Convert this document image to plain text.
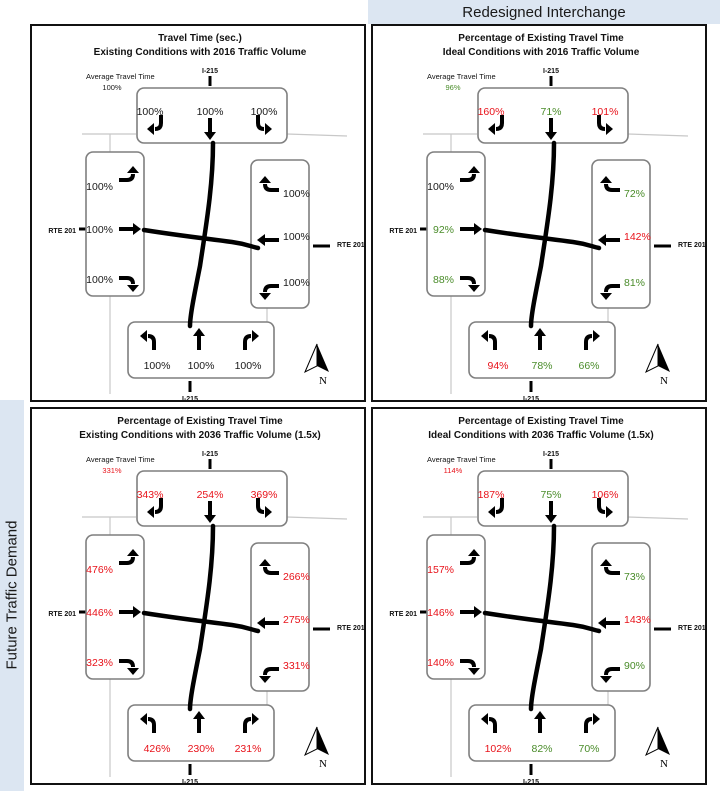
Redesigned Interchange
Future Traffic Demand
Travel Time (sec.)
Existing Conditions with 2016 Traffic Volume
Average Travel Time
100%
I-215
I-215
RTE 201
RTE 201
100%	100%	100%
100%
100%
100%
100%
100%
100%
100% 100% 100%
N
Percentage of Existing Travel Time
Ideal Conditions with 2016 Traffic Volume
Average Travel Time
96%
I-215
I-215
RTE 201
RTE 201
160%	71%	101%
100%
92%
88%
72%
142%
81%
94% 78% 66%
N
Percentage of Existing Travel Time
Existing Conditions with 2036 Traffic Volume (1.5x)
Average Travel Time
331%
I-215
I-215
RTE 201
RTE 201
343%	254%	369%
476%
446%
323%
266%
275%
331%
426% 230% 231%
N
Percentage of Existing Travel Time
Ideal Conditions with 2036 Traffic Volume (1.5x)
Average Travel Time
114%
I-215
I-215
RTE 201
RTE 201
187%	75%	106%
157%
146%
140%
73%
143%
90%
102% 82% 70%
N
